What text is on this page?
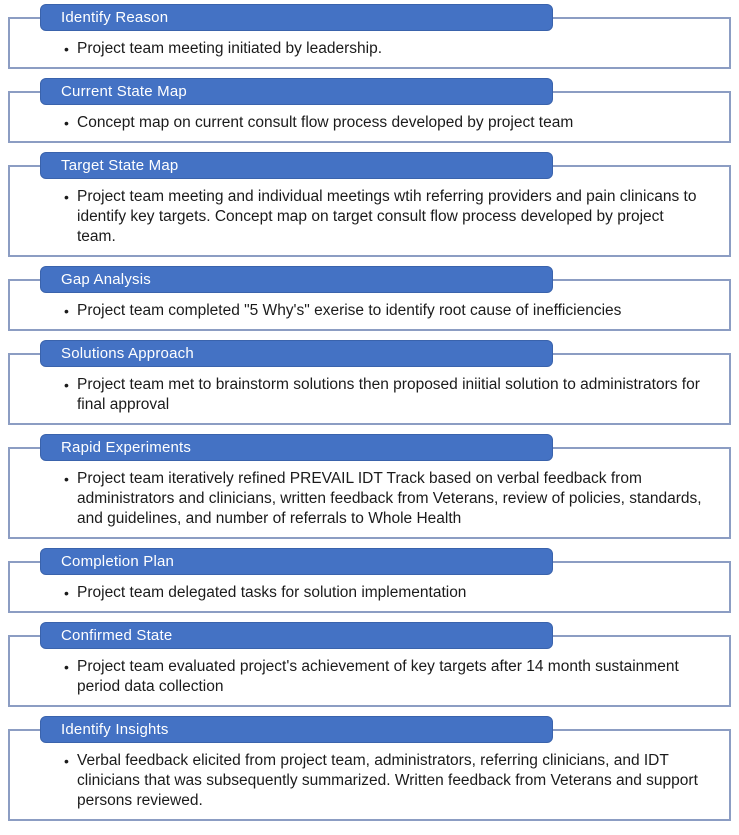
Identify Reason
• Project team meeting initiated by leadership.
Current State Map
• Concept map on current consult flow process developed by project team
Target State Map
• Project team meeting and individual meetings wtih referring providers and pain clinicans to identify key targets. Concept map on target consult flow process developed by project team.
Gap Analysis
• Project team completed "5 Why's" exerise to identify root cause of inefficiencies
Solutions Approach
• Project team met to brainstorm solutions then proposed iniitial solution to administrators for final approval
Rapid Experiments
• Project team iteratively refined PREVAIL IDT Track based on verbal feedback from administrators and clinicians, written feedback from Veterans, review of policies, standards, and guidelines, and number of referrals to Whole Health
Completion Plan
• Project team delegated tasks for solution implementation
Confirmed State
• Project team evaluated project's achievement of key targets after 14 month sustainment period data collection
Identify Insights
• Verbal feedback elicited from project team, administrators, referring clinicians, and IDT clinicians that was subsequently summarized. Written feedback from Veterans and support persons reviewed.
